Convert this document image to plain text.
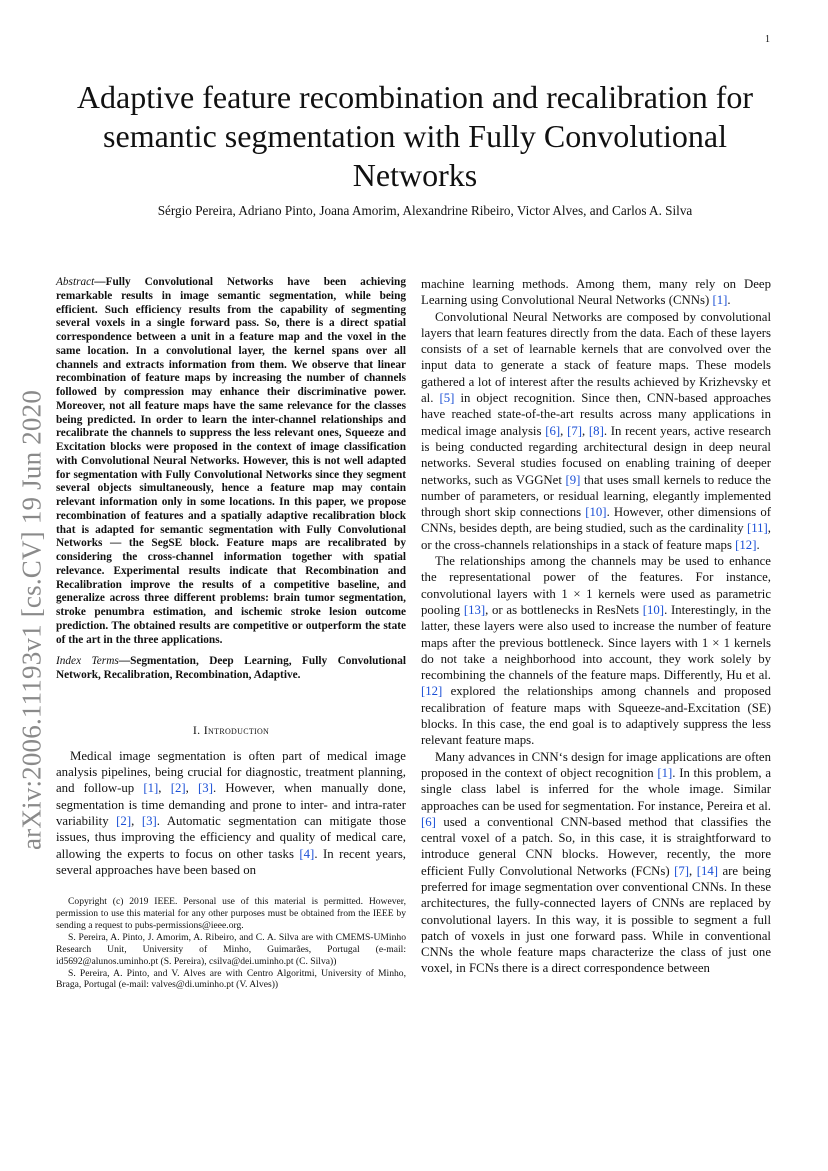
1
arXiv:2006.11193v1 [cs.CV] 19 Jun 2020
Adaptive feature recombination and recalibration for semantic segmentation with Fully Convolutional Networks
Sérgio Pereira, Adriano Pinto, Joana Amorim, Alexandrine Ribeiro, Victor Alves, and Carlos A. Silva

Abstract—Fully Convolutional Networks have been achieving remarkable results in image semantic segmentation, while being efficient. Such efficiency results from the capability of segmenting several voxels in a single forward pass. So, there is a direct spatial correspondence between a unit in a feature map and the voxel in the same location. In a convolutional layer, the kernel spans over all channels and extracts information from them. We observe that linear recombination of feature maps by increasing the number of channels followed by compression may enhance their discriminative power. Moreover, not all feature maps have the same relevance for the classes being predicted. In order to learn the inter-channel relationships and recalibrate the channels to suppress the less relevant ones, Squeeze and Excitation blocks were proposed in the context of image classification with Convolutional Neural Networks. However, this is not well adapted for segmentation with Fully Convolutional Networks since they segment several objects simultaneously, hence a feature map may contain relevant information only in some locations. In this paper, we propose recombination of features and a spatially adaptive recalibration block that is adapted for semantic segmentation with Fully Convolutional Networks — the SegSE block. Feature maps are recalibrated by considering the cross-channel information together with spatial relevance. Experimental results indicate that Recombination and Recalibration improve the results of a competitive baseline, and generalize across three different problems: brain tumor segmentation, stroke penumbra estimation, and ischemic stroke lesion outcome prediction. The obtained results are competitive or outperform the state of the art in the three applications.

Index Terms—Segmentation, Deep Learning, Fully Convolutional Network, Recalibration, Recombination, Adaptive.

I. Introduction

Medical image segmentation is often part of medical image analysis pipelines, being crucial for diagnostic, treatment planning, and follow-up [1], [2], [3]. However, when manually done, segmentation is time demanding and prone to inter- and intra-rater variability [2], [3]. Automatic segmentation can mitigate those issues, thus improving the efficiency and quality of medical care, allowing the experts to focus on other tasks [4]. In recent years, several approaches have been based on

Copyright (c) 2019 IEEE. Personal use of this material is permitted. However, permission to use this material for any other purposes must be obtained from the IEEE by sending a request to pubs-permissions@ieee.org.

S. Pereira, A. Pinto, J. Amorim, A. Ribeiro, and C. A. Silva are with CMEMS-UMinho Research Unit, University of Minho, Guimarães, Portugal (e-mail: id5692@alunos.uminho.pt (S. Pereira), csilva@dei.uminho.pt (C. Silva))

S. Pereira, A. Pinto, and V. Alves are with Centro Algoritmi, University of Minho, Braga, Portugal (e-mail: valves@di.uminho.pt (V. Alves))

machine learning methods. Among them, many rely on Deep Learning using Convolutional Neural Networks (CNNs) [1].

Convolutional Neural Networks are composed by convolutional layers that learn features directly from the data. Each of these layers consists of a set of learnable kernels that are convolved over the input data to generate a stack of feature maps. These models gathered a lot of interest after the results achieved by Krizhevsky et al. [5] in object recognition. Since then, CNN-based approaches have reached state-of-the-art results across many applications in medical image analysis [6], [7], [8]. In recent years, active research is being conducted regarding architectural design in deep neural networks. Several studies focused on enabling training of deeper networks, such as VGGNet [9] that uses small kernels to reduce the number of parameters, or residual learning, elegantly implemented through short skip connections [10]. However, other dimensions of CNNs, besides depth, are being studied, such as the cardinality [11], or the cross-channels relationships in a stack of feature maps [12].

The relationships among the channels may be used to enhance the representational power of the features. For instance, convolutional layers with 1 × 1 kernels were used as parametric pooling [13], or as bottlenecks in ResNets [10]. Interestingly, in the latter, these layers were also used to increase the number of feature maps after the previous bottleneck. Since layers with 1 × 1 kernels do not take a neighborhood into account, they work solely by recombining the channels of the feature maps. Differently, Hu et al. [12] explored the relationships among channels and proposed recalibration of feature maps with Squeeze-and-Excitation (SE) blocks. In this case, the end goal is to adaptively suppress the less relevant feature maps.

Many advances in CNN‘s design for image applications are often proposed in the context of object recognition [1]. In this problem, a single class label is inferred for the whole image. Similar approaches can be used for segmentation. For instance, Pereira et al. [6] used a conventional CNN-based method that classifies the central voxel of a patch. So, in this case, it is straightforward to introduce general CNN blocks. However, recently, the more efficient Fully Convolutional Networks (FCNs) [7], [14] are being preferred for image segmentation over conventional CNNs. In these architectures, the fully-connected layers of CNNs are replaced by convolutional layers. In this way, it is possible to segment a full patch of voxels in just one forward pass. While in conventional CNNs the whole feature maps characterize the class of just one voxel, in FCNs there is a direct correspondence between
